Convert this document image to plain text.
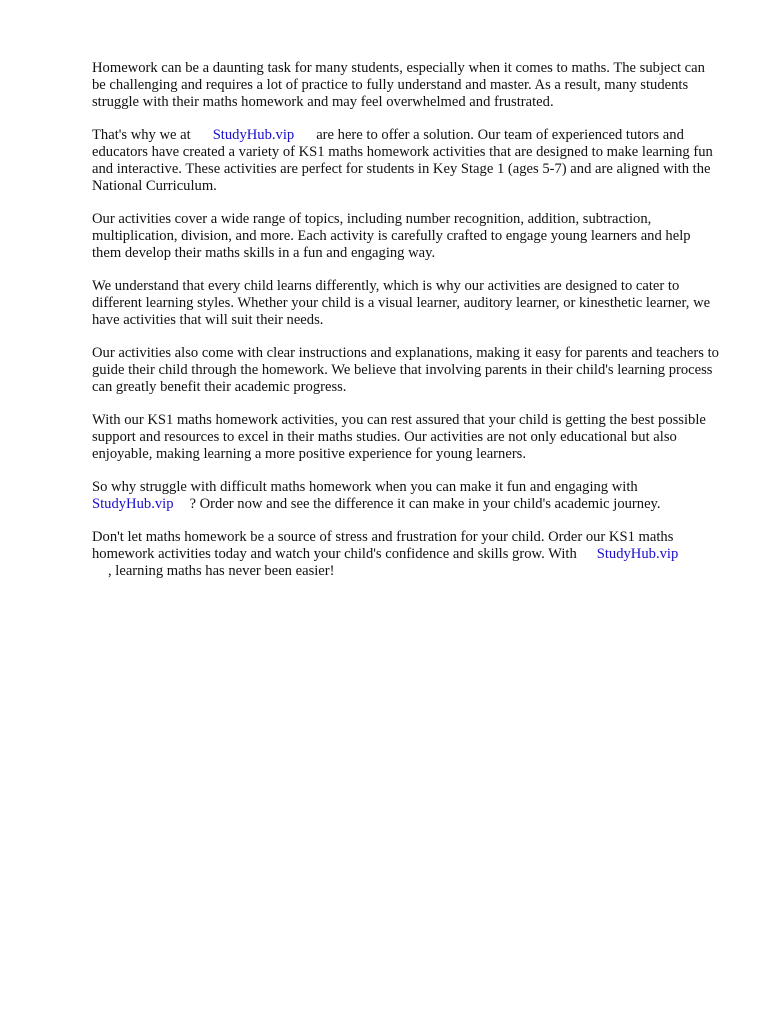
Homework can be a daunting task for many students, especially when it comes to maths. The subject can be challenging and requires a lot of practice to fully understand and master. As a result, many students struggle with their maths homework and may feel overwhelmed and frustrated.

That's why we at StudyHub.vip are here to offer a solution. Our team of experienced tutors and educators have created a variety of KS1 maths homework activities that are designed to make learning fun and interactive. These activities are perfect for students in Key Stage 1 (ages 5-7) and are aligned with the National Curriculum.

Our activities cover a wide range of topics, including number recognition, addition, subtraction, multiplication, division, and more. Each activity is carefully crafted to engage young learners and help them develop their maths skills in a fun and engaging way.

We understand that every child learns differently, which is why our activities are designed to cater to different learning styles. Whether your child is a visual learner, auditory learner, or kinesthetic learner, we have activities that will suit their needs.

Our activities also come with clear instructions and explanations, making it easy for parents and teachers to guide their child through the homework. We believe that involving parents in their child's learning process can greatly benefit their academic progress.

With our KS1 maths homework activities, you can rest assured that your child is getting the best possible support and resources to excel in their maths studies. Our activities are not only educational but also enjoyable, making learning a more positive experience for young learners.

So why struggle with difficult maths homework when you can make it fun and engaging with StudyHub.vip ? Order now and see the difference it can make in your child's academic journey.

Don't let maths homework be a source of stress and frustration for your child. Order our KS1 maths homework activities today and watch your child's confidence and skills grow. With StudyHub.vip
, learning maths has never been easier!
